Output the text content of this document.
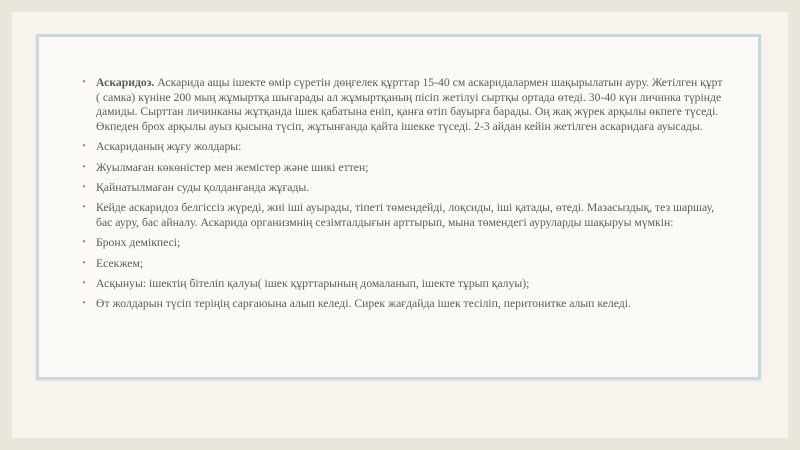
• Аскаридоз. Аскарида ащы ішекте өмір сүретін дөңгелек құрттар 15-40 см аскаридалармен шақырылатын ауру. Жетілген құрт ( самка) күніне 200 мың жұмыртқа шығарады ал жұмыртқаның пісіп жетілуі сыртқы ортада өтеді. 30-40 күн личинка түрінде дамиды. Сырттан личинканы жұтқанда ішек қабатына еніп, қанға өтіп бауырға барады. Оң жақ жүрек арқылы өкпеге түседі. Өкпеден брох арқылы ауыз қысына түсіп, жұтынғанда қайта ішекке түседі. 2-3 айдан кейін жетілген аскаридаға ауысады.
• Аскариданың жұғу жолдары:
• Жуылмаған көкөністер мен жемістер және шикі еттен;
• Қайнатылмаған суды қолданғанда жұғады.
• Кейде аскаридоз белгіссіз жүреді, жиі іші ауырады, тіпеті төмендейді, лоқсиды, іші қатады, өтеді. Мазасыздық, тез шаршау, бас ауру, бас айналу. Аскарида организмнің сезімталдығын арттырып, мына төмендегі ауруларды шақыруы мүмкін:
• Бронх демікпесі;
• Есекжем;
• Асқынуы: ішектің бітеліп қалуы( ішек құрттарының домаланып, ішекте тұрып қалуы);
• Өт жолдарын түсіп теріңің сарғаюына алып келеді. Сирек жағдайда ішек тесіліп, перитонитке алып келеді.
